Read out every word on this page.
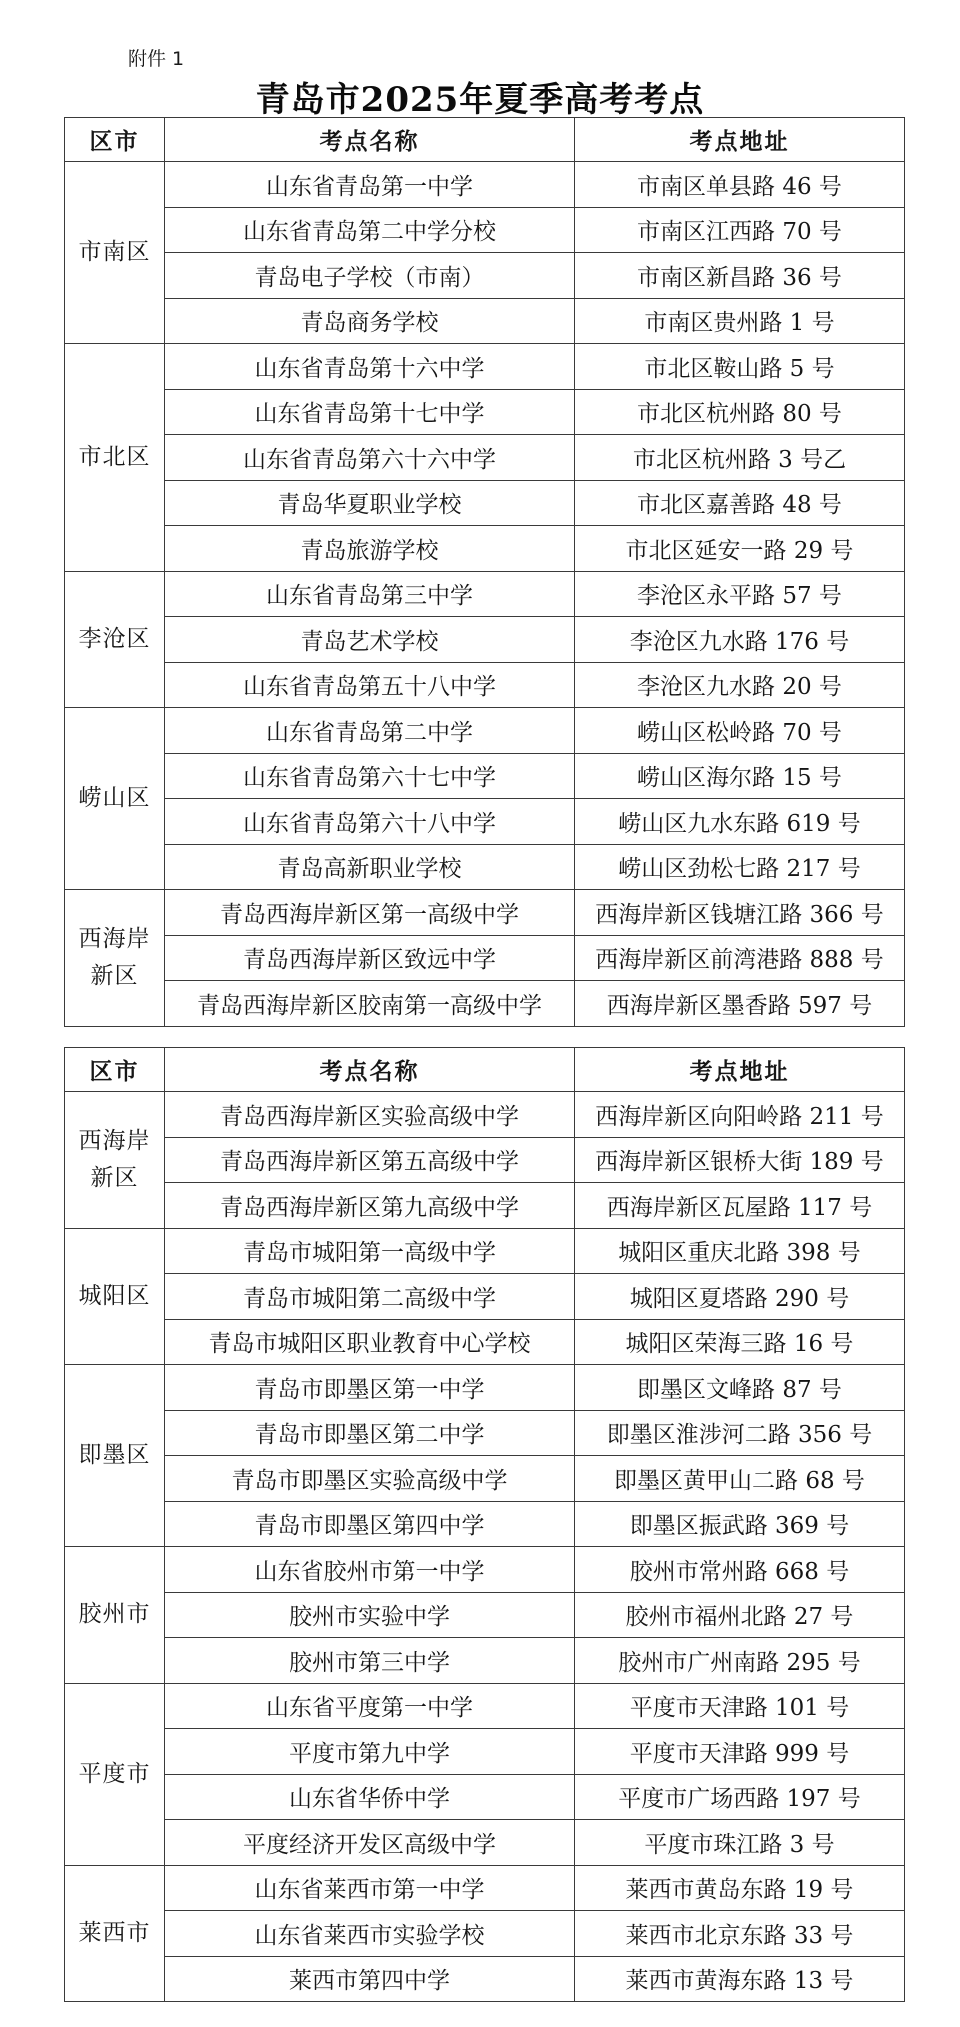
附件 1
青岛市2025年夏季高考考点
区市	考点名称	考点地址
市南区	山东省青岛第一中学	市南区单县路 46 号
	山东省青岛第二中学分校	市南区江西路 70 号
	青岛电子学校（市南）	市南区新昌路 36 号
	青岛商务学校	市南区贵州路 1 号
市北区	山东省青岛第十六中学	市北区鞍山路 5 号
	山东省青岛第十七中学	市北区杭州路 80 号
	山东省青岛第六十六中学	市北区杭州路 3 号乙
	青岛华夏职业学校	市北区嘉善路 48 号
	青岛旅游学校	市北区延安一路 29 号
李沧区	山东省青岛第三中学	李沧区永平路 57 号
	青岛艺术学校	李沧区九水路 176 号
	山东省青岛第五十八中学	李沧区九水路 20 号
崂山区	山东省青岛第二中学	崂山区松岭路 70 号
	山东省青岛第六十七中学	崂山区海尔路 15 号
	山东省青岛第六十八中学	崂山区九水东路 619 号
	青岛高新职业学校	崂山区劲松七路 217 号
西海岸新区	青岛西海岸新区第一高级中学	西海岸新区钱塘江路 366 号
	青岛西海岸新区致远中学	西海岸新区前湾港路 888 号
	青岛西海岸新区胶南第一高级中学	西海岸新区墨香路 597 号
区市	考点名称	考点地址
西海岸新区	青岛西海岸新区实验高级中学	西海岸新区向阳岭路 211 号
	青岛西海岸新区第五高级中学	西海岸新区银桥大街 189 号
	青岛西海岸新区第九高级中学	西海岸新区瓦屋路 117 号
城阳区	青岛市城阳第一高级中学	城阳区重庆北路 398 号
	青岛市城阳第二高级中学	城阳区夏塔路 290 号
	青岛市城阳区职业教育中心学校	城阳区荣海三路 16 号
即墨区	青岛市即墨区第一中学	即墨区文峰路 87 号
	青岛市即墨区第二中学	即墨区淮涉河二路 356 号
	青岛市即墨区实验高级中学	即墨区黄甲山二路 68 号
	青岛市即墨区第四中学	即墨区振武路 369 号
胶州市	山东省胶州市第一中学	胶州市常州路 668 号
	胶州市实验中学	胶州市福州北路 27 号
	胶州市第三中学	胶州市广州南路 295 号
平度市	山东省平度第一中学	平度市天津路 101 号
	平度市第九中学	平度市天津路 999 号
	山东省华侨中学	平度市广场西路 197 号
	平度经济开发区高级中学	平度市珠江路 3 号
莱西市	山东省莱西市第一中学	莱西市黄岛东路 19 号
	山东省莱西市实验学校	莱西市北京东路 33 号
	莱西市第四中学	莱西市黄海东路 13 号
